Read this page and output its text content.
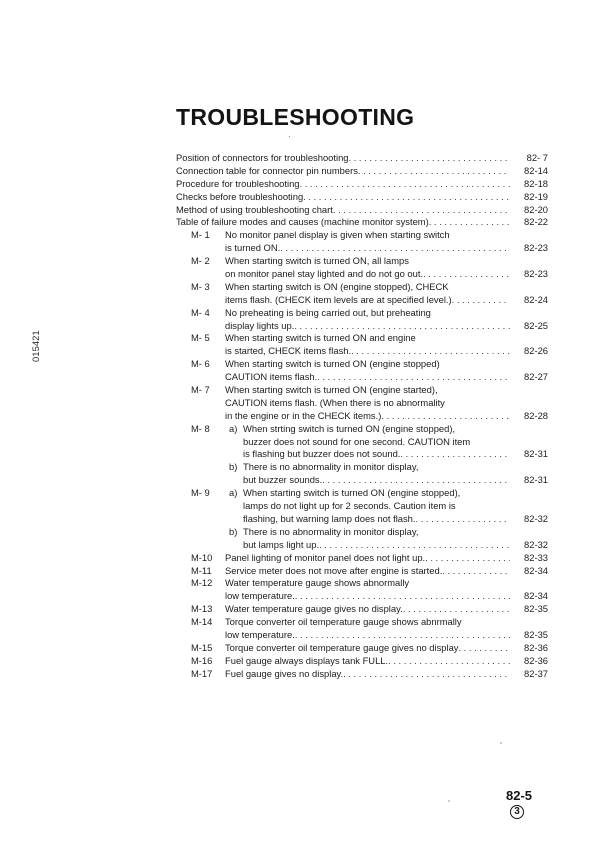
TROUBLESHOOTING
·
015421
Position of connectors for troubleshooting . . .	82- 7
Connection table for connector pin numbers . . .	82-14
Procedure for troubleshooting . . .	82-18
Checks before troubleshooting . . .	82-19
Method of using troubleshooting chart . . .	82-20
Table of failure modes and causes (machine monitor system) . . .	82-22
M- 1 No monitor panel display is given when starting switch
is turned ON. . . .	82-23
M- 2 When starting switch is turned ON, all lamps
on monitor panel stay lighted and do not go out. . . .	82-23
M- 3 When starting switch is ON (engine stopped), CHECK
items flash. (CHECK item levels are at specified level.) . . .	82-24
M- 4 No preheating is being carried out, but preheating
display lights up. . . .	82-25
M- 5 When starting switch is turned ON and engine
is started, CHECK items flash. . . .	82-26
M- 6 When starting switch is turned ON (engine stopped)
CAUTION items flash. . . .	82-27
M- 7 When starting switch is turned ON (engine started),
CAUTION items flash. (When there is no abnormality
in the engine or in the CHECK items.) . . .	82-28
M- 8 a) When strting switch is turned ON (engine stopped),
buzzer does not sound for one second. CAUTION item
is flashing but buzzer does not sound. . . .	82-31
b) There is no abnormality in monitor display,
but buzzer sounds. . . .	82-31
M- 9 a) When starting switch is turned ON (engine stopped),
lamps do not light up for 2 seconds. Caution item is
flashing, but warning lamp does not flash. . . .	82-32
b) There is no abnormality in monitor display,
but lamps light up. . . .	82-32
M-10 Panel lighting of monitor panel does not light up. . . .	82-33
M-11 Service meter does not move after engine is started. . . .	82-34
M-12 Water temperature gauge shows abnormally
low temperature. . . .	82-34
M-13 Water temperature gauge gives no display. . . .	82-35
M-14 Torque converter oil temperature gauge shows abnrmally
low temperature. . . .	82-35
M-15 Torque converter oil temperature gauge gives no display . . .	82-36
M-16 Fuel gauge always displays tank FULL. . . .	82-36
M-17 Fuel gauge gives no display. . . .	82-37
82-5
3
